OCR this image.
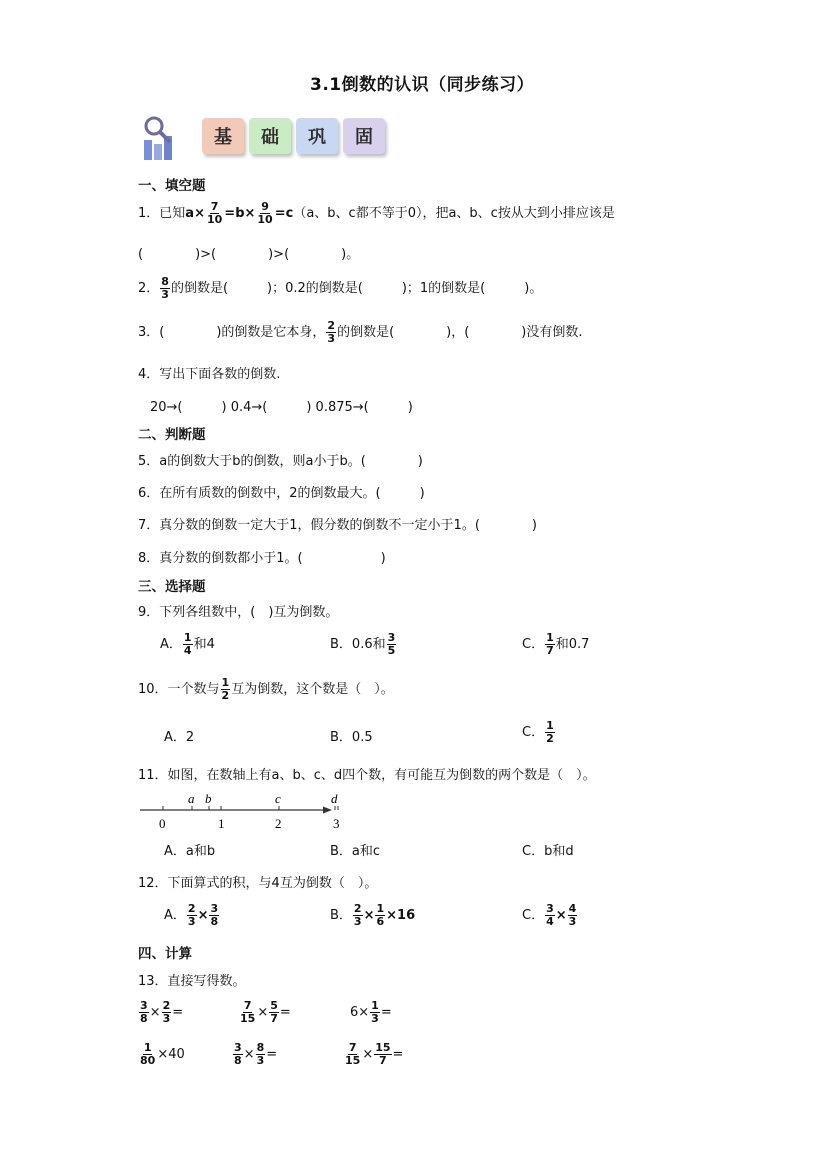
3.1倒数的认识（同步练习）
基 础 巩 固
一、填空题
1．已知$a\times \frac{7}{10} =b\times \frac{9}{10} =c(a$、b、c都不等于0），把a、b、c按从大到小排应该是
(　　　　)>(　　　　)>(　　　　)。
2． $\frac{8}{3}$ 的倒数是(　　　)；0.2的倒数是(　　　)；1的倒数是(　　　)。
3．(　　　　)的倒数是它本身， $\frac{2}{3}$ 的倒数是(　　　　)，(　　　　)没有倒数.
4．写出下面各数的倒数.
20→(　　　) 0.4→(　　　) 0.875→(　　　)
二、判断题
5．a的倒数大于b的倒数，则a小于b。(　　　　)
6．在所有质数的倒数中，2的倒数最大。(　　　)
7．真分数的倒数一定大于1，假分数的倒数不一定小于1。(　　　　)
8．真分数的倒数都小于1。(　　　　　　)
三、选择题
9．下列各组数中，(　)互为倒数。
A． $\frac{1}{4}$ 和4	B．0.6和 $\frac{3}{5}$	C． $\frac{1}{7}$ 和0.7
10．一个数与 $\frac{1}{2}$ 互为倒数，这个数是（　）。
A．2	B．0.5	C． $\frac{1}{2}$
11．如图，在数轴上有a、b、c、d四个数，有可能互为倒数的两个数是（　）。
0	1	2	3
a b	c	d
A．a和b	B．a和c	C．b和d
12．下面算式的积，与4互为倒数（　）。
A． $\frac{2}{3} \times \frac{3}{8}$	B． $\frac{2}{3} \times \frac{1}{6} \times 16$	C． $\frac{3}{4} \times \frac{4}{3}$
四、计算
13．直接写得数。
$\frac{3}{8} \times \frac{2}{3}$ =	$\frac{7}{15} \times \frac{5}{7}$ =	$6\times \frac{1}{3}$ =
$\frac{1}{80} \times 40$	$\frac{3}{8} \times \frac{8}{3}$ =	$\frac{7}{15} \times \frac{15}{7}$ =
